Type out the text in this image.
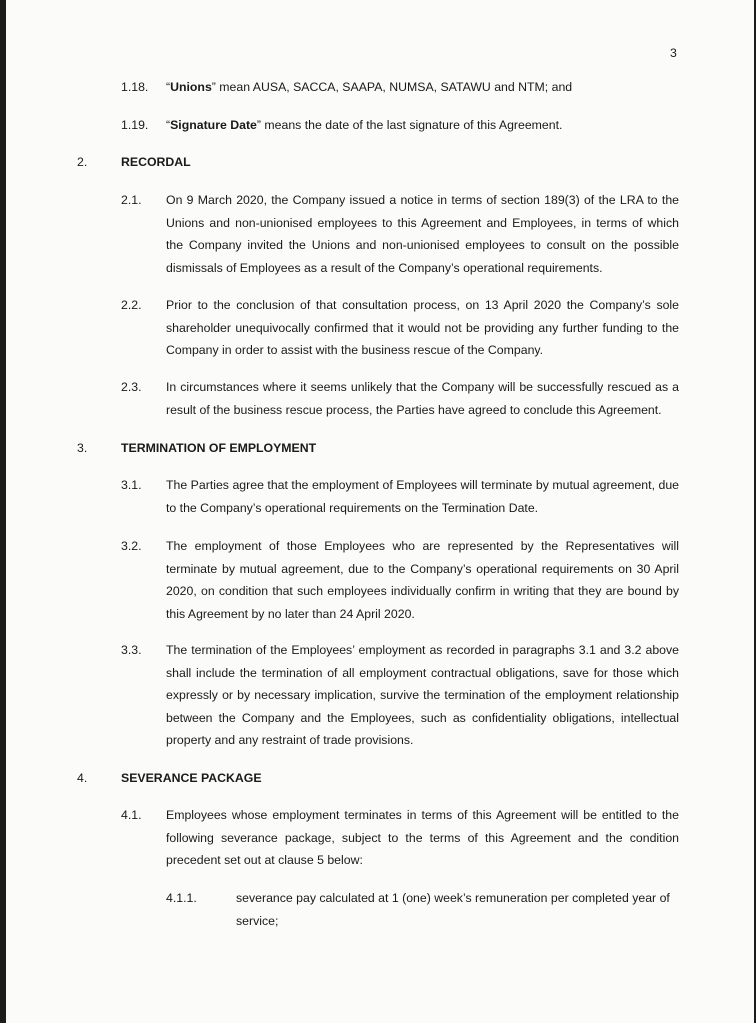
3
1.18. “Unions” mean AUSA, SACCA, SAAPA, NUMSA, SATAWU and NTM; and
1.19. “Signature Date” means the date of the last signature of this Agreement.
2.	RECORDAL
2.1. On 9 March 2020, the Company issued a notice in terms of section 189(3) of the LRA to the
Unions and non-unionised employees to this Agreement and Employees, in terms of which
the Company invited the Unions and non-unionised employees to consult on the possible
dismissals of Employees as a result of the Company’s operational requirements.
2.2. Prior to the conclusion of that consultation process, on 13 April 2020 the Company’s sole
shareholder unequivocally confirmed that it would not be providing any further funding to the
Company in order to assist with the business rescue of the Company.
2.3. In circumstances where it seems unlikely that the Company will be successfully rescued as a
result of the business rescue process, the Parties have agreed to conclude this Agreement.
3.	TERMINATION OF EMPLOYMENT
3.1. The Parties agree that the employment of Employees will terminate by mutual agreement, due
to the Company’s operational requirements on the Termination Date.
3.2. The employment of those Employees who are represented by the Representatives will
terminate by mutual agreement, due to the Company’s operational requirements on 30 April
2020, on condition that such employees individually confirm in writing that they are bound by
this Agreement by no later than 24 April 2020.
3.3. The termination of the Employees’ employment as recorded in paragraphs 3.1 and 3.2 above
shall include the termination of all employment contractual obligations, save for those which
expressly or by necessary implication, survive the termination of the employment relationship
between the Company and the Employees, such as confidentiality obligations, intellectual
property and any restraint of trade provisions.
4.	SEVERANCE PACKAGE
4.1. Employees whose employment terminates in terms of this Agreement will be entitled to the
following severance package, subject to the terms of this Agreement and the condition
precedent set out at clause 5 below:
4.1.1.	severance pay calculated at 1 (one) week’s remuneration per completed year of
service;
